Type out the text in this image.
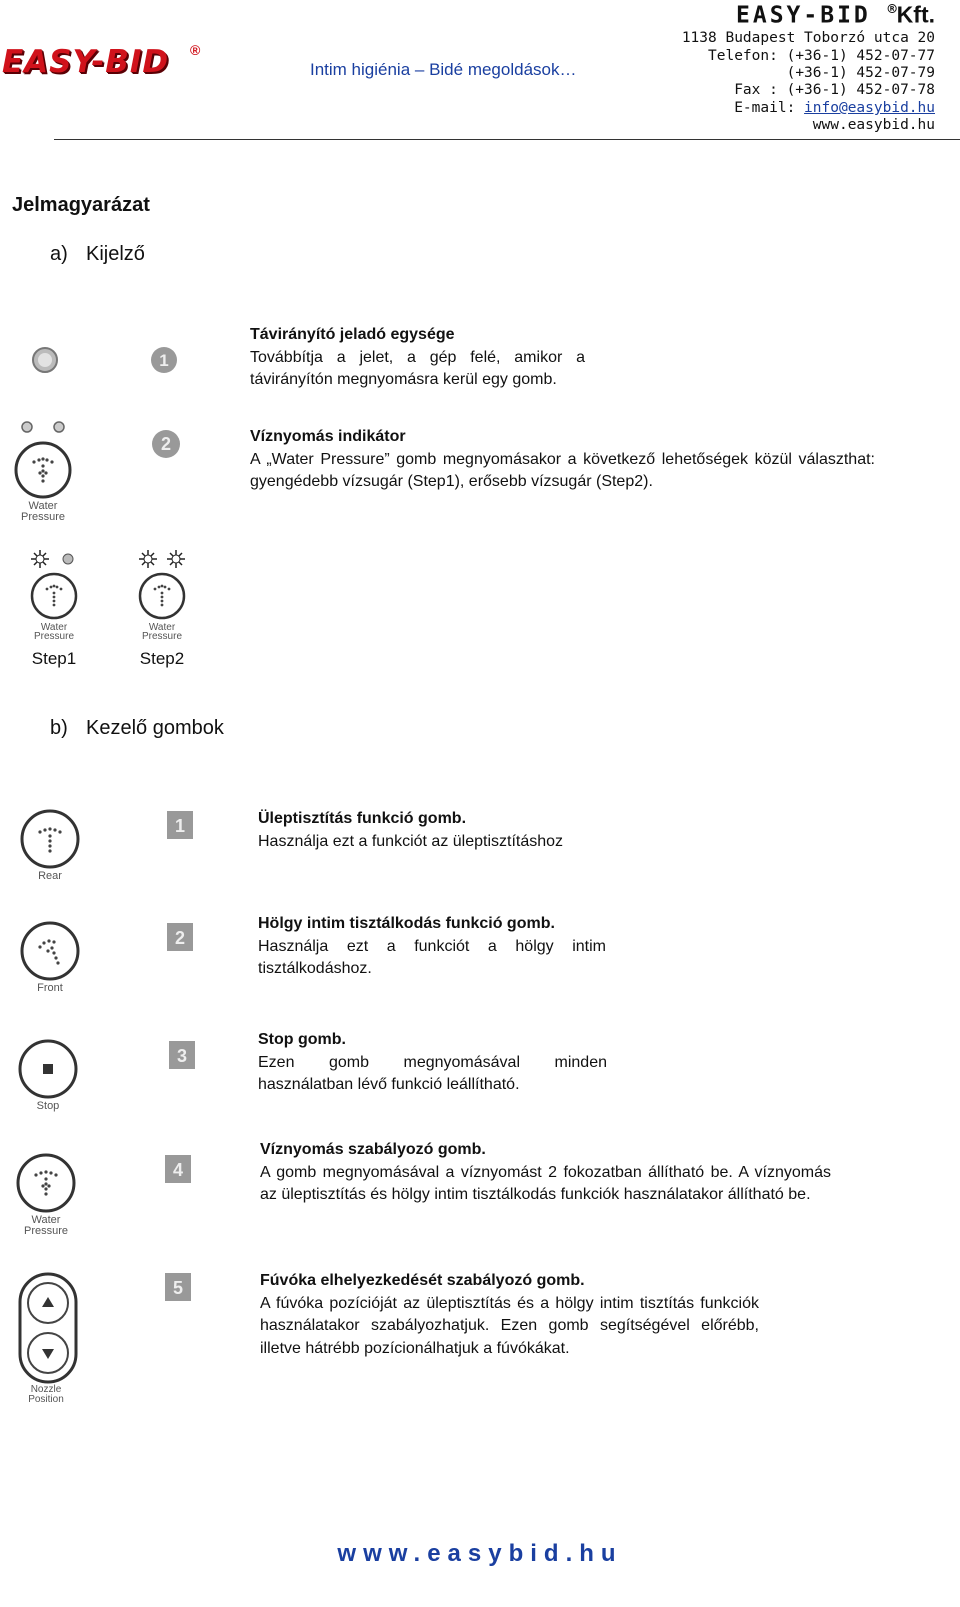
EASY-BID ®
Intim higiénia – Bidé megoldások…
EASY-BID ®Kft.
1138 Budapest Toborzó utca 20
Telefon: (+36-1) 452-07-77
(+36-1) 452-07-79
Fax : (+36-1) 452-07-78
E-mail: info@easybid.hu
www.easybid.hu
Jelmagyarázat
a) Kijelző
1
Távirányító jeladó egysége
Továbbítja a jelet, a gép felé, amikor a távirányítón megnyomásra kerül egy gomb.
Water
Pressure
2	Víznyomás indikátor
A „Water Pressure” gomb megnyomásakor a következő lehetőségek közül választhat: gyengédebb vízsugár (Step1), erősebb vízsugár (Step2).
Water
Pressure
Step1
Water
Pressure
Step2
b) Kezelő gombok
Rear
1	Üleptisztítás funkció gomb.
Használja ezt a funkciót az üleptisztításhoz
Front
2
Hölgy intim tisztálkodás funkció gomb.
Használja ezt a funkciót a hölgy intim tisztálkodáshoz.
Stop
3
Stop gomb.
Ezen gomb megnyomásával minden használatban lévő funkció leállítható.
Water
Pressure
4
Víznyomás szabályozó gomb.
A gomb megnyomásával a víznyomást 2 fokozatban állítható be. A víznyomás az üleptisztítás és hölgy intim tisztálkodás funkciók használatakor állítható be.
Nozzle
Position
5	Fúvóka elhelyezkedését szabályozó gomb.
A fúvóka pozícióját az üleptisztítás és a hölgy intim tisztítás funkciók használatakor szabályozhatjuk. Ezen gomb segítségével előrébb, illetve hátrébb pozícionálhatjuk a fúvókákat.
www.easybid.hu
